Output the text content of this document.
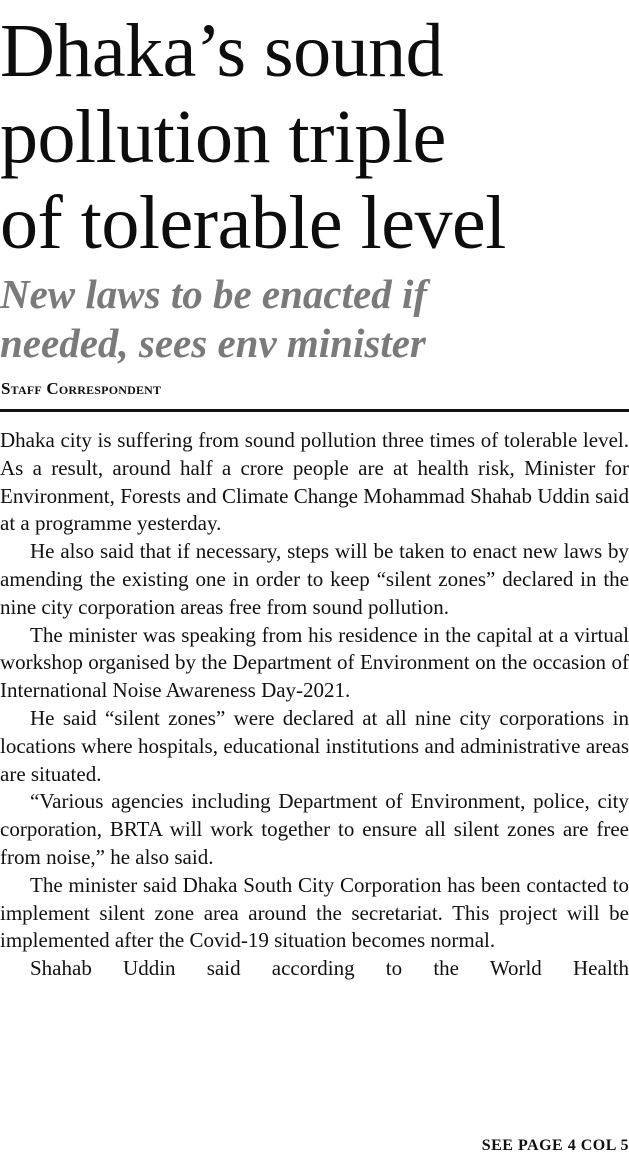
Dhaka’s sound
pollution triple
of tolerable level
New laws to be enacted if
needed, sees env minister
Staff Correspondent

Dhaka city is suffering from sound pollution three times of tolerable level. As a result, around half a crore people are at health risk, Minister for Environment, Forests and Climate Change Mohammad Shahab Uddin said at a programme yesterday.

He also said that if necessary, steps will be taken to enact new laws by amending the existing one in order to keep “silent zones” declared in the nine city corporation areas free from sound pollution.

The minister was speaking from his residence in the capital at a virtual workshop organised by the Department of Environment on the occasion of International Noise Awareness Day-2021.

He said “silent zones” were declared at all nine city corporations in locations where hospitals, educational institutions and administrative areas are situated.

“Various agencies including Department of Environment, police, city corporation, BRTA will work together to ensure all silent zones are free from noise,” he also said.

The minister said Dhaka South City Corporation has been contacted to implement silent zone area around the secretariat. This project will be implemented after the Covid-19 situation becomes normal.

Shahab Uddin said according to the World Health

SEE PAGE 4 COL 5
